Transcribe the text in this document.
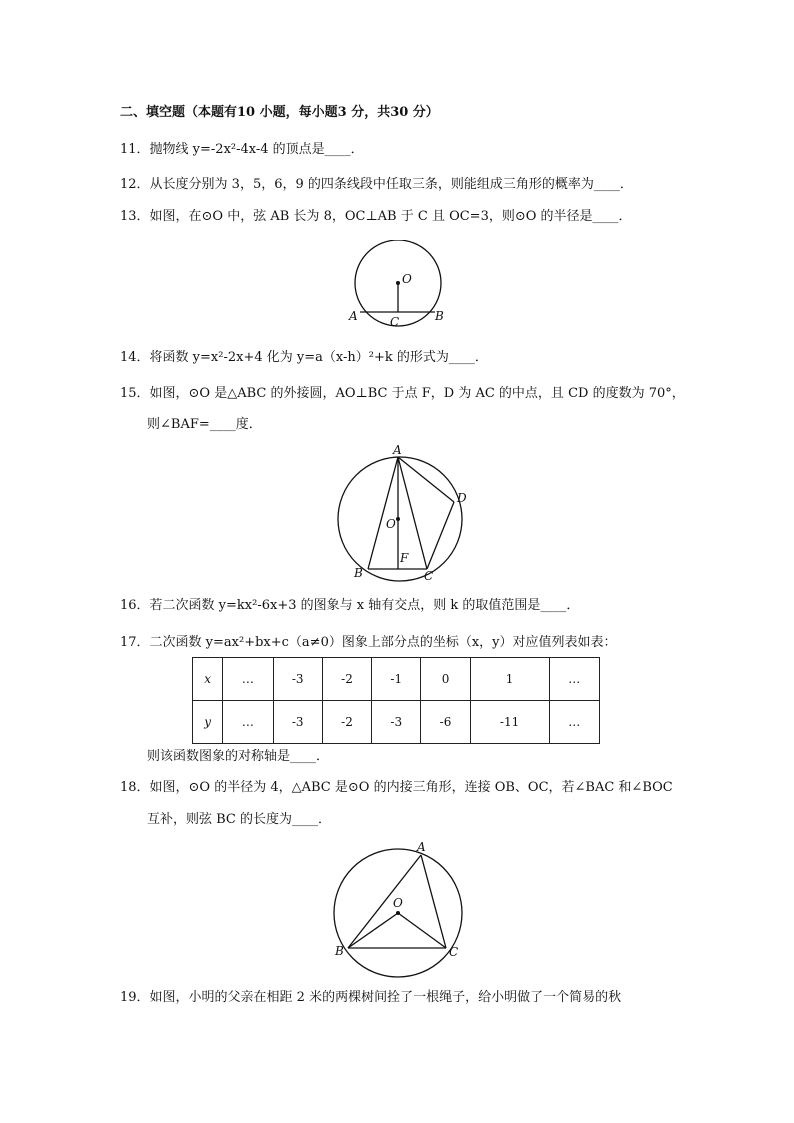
二、填空题（本题有10 小题，每小题3 分，共30 分）
11．抛物线 y=-2x²-4x-4 的顶点是____．
12．从长度分别为 3，5，6，9 的四条线段中任取三条，则能组成三角形的概率为____．
13．如图，在⊙O 中，弦 AB 长为 8，OC⊥AB 于 C 且 OC=3，则⊙O 的半径是____．
O
A	B
C
14．将函数 y=x²-2x+4 化为 y=a（x-h）²+k 的形式为____．
15．如图，⊙O 是△ABC 的外接圆，AO⊥BC 于点 F，D 为 AC 的中点，且 CD 的度数为 70°，
则∠BAF=____度．
A
D
O
F
B	C
16．若二次函数 y=kx²-6x+3 的图象与 x 轴有交点，则 k 的取值范围是____．
17．二次函数 y=ax²+bx+c（a≠0）图象上部分点的坐标（x，y）对应值列表如表：
x	…	-3	-2	-1	0	1	…
y	…	-3	-2	-3	-6	-11	…
则该函数图象的对称轴是____．
18．如图，⊙O 的半径为 4，△ABC 是⊙O 的内接三角形，连接 OB、OC，若∠BAC 和∠BOC
互补，则弦 BC 的长度为____．
A
O
B	C
19．如图，小明的父亲在相距 2 米的两棵树间拴了一根绳子，给小明做了一个简易的秋
